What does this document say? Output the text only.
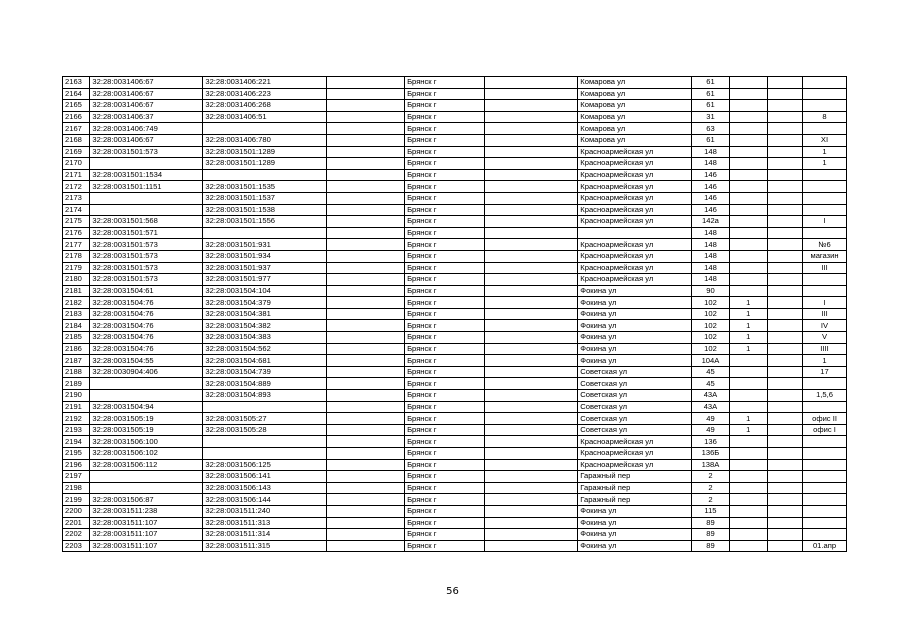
2163	32:28:0031406:67	32:28:0031406:221		Брянск г		Комарова ул	61			
2164	32:28:0031406:67	32:28:0031406:223		Брянск г		Комарова ул	61			
2165	32:28:0031406:67	32:28:0031406:268		Брянск г		Комарова ул	61			
2166	32:28:0031406:37	32:28:0031406:51		Брянск г		Комарова ул	31			8
2167	32:28:0031406:749			Брянск г		Комарова ул	63			
2168	32:28:0031406:67	32:28:0031406:780		Брянск г		Комарова ул	61			XI
2169	32:28:0031501:573	32:28:0031501:1289		Брянск г		Красноармейская ул	148			1
2170		32:28:0031501:1289		Брянск г		Красноармейская ул	148			1
2171	32:28:0031501:1534			Брянск г		Красноармейская ул	146			
2172	32:28:0031501:1151	32:28:0031501:1535		Брянск г		Красноармейская ул	146			
2173		32:28:0031501:1537		Брянск г		Красноармейская ул	146			
2174		32:28:0031501:1538		Брянск г		Красноармейская ул	146			
2175	32:28:0031501:568	32:28:0031501:1556		Брянск г		Красноармейская ул	142а			I
2176	32:28:0031501:571			Брянск г			148			
2177	32:28:0031501:573	32:28:0031501:931		Брянск г		Красноармейская ул	148			№6
2178	32:28:0031501:573	32:28:0031501:934		Брянск г		Красноармейская ул	148			магазин
2179	32:28:0031501:573	32:28:0031501:937		Брянск г		Красноармейская ул	148			III
2180	32:28:0031501:573	32:28:0031501:977		Брянск г		Красноармейская ул	148			
2181	32:28:0031504:61	32:28:0031504:104		Брянск г		Фокина ул	90			
2182	32:28:0031504:76	32:28:0031504:379		Брянск г		Фокина ул	102	1		I
2183	32:28:0031504:76	32:28:0031504:381		Брянск г		Фокина ул	102	1		III
2184	32:28:0031504:76	32:28:0031504:382		Брянск г		Фокина ул	102	1		IV
2185	32:28:0031504:76	32:28:0031504:383		Брянск г		Фокина ул	102	1		V
2186	32:28:0031504:76	32:28:0031504:562		Брянск г		Фокина ул	102	1		IIII
2187	32:28:0031504:55	32:28:0031504:681		Брянск г		Фокина ул	104А			1
2188	32:28:0030904:406	32:28:0031504:739		Брянск г		Советская ул	45			17
2189		32:28:0031504:889		Брянск г		Советская ул	45			
2190		32:28:0031504:893		Брянск г		Советская ул	43А			1,5,6
2191	32:28:0031504:94			Брянск г		Советская ул	43А			
2192	32:28:0031505:19	32:28:0031505:27		Брянск г		Советская ул	49	1		офис II
2193	32:28:0031505:19	32:28:0031505:28		Брянск г		Советская ул	49	1		офис I
2194	32:28:0031506:100			Брянск г		Красноармейская ул	136			
2195	32:28:0031506:102			Брянск г		Красноармейская ул	136Б			
2196	32:28:0031506:112	32:28:0031506:125		Брянск г		Красноармейская ул	138А			
2197		32:28:0031506:141		Брянск г		Гаражный пер	2			
2198		32:28:0031506:143		Брянск г		Гаражный пер	2			
2199	32:28:0031506:87	32:28:0031506:144		Брянск г		Гаражный пер	2			
2200	32:28:0031511:238	32:28:0031511:240		Брянск г		Фокина ул	115			
2201	32:28:0031511:107	32:28:0031511:313		Брянск г		Фокина ул	89			
2202	32:28:0031511:107	32:28:0031511:314		Брянск г		Фокина ул	89			
2203	32:28:0031511:107	32:28:0031511:315		Брянск г		Фокина ул	89			01.апр
56
